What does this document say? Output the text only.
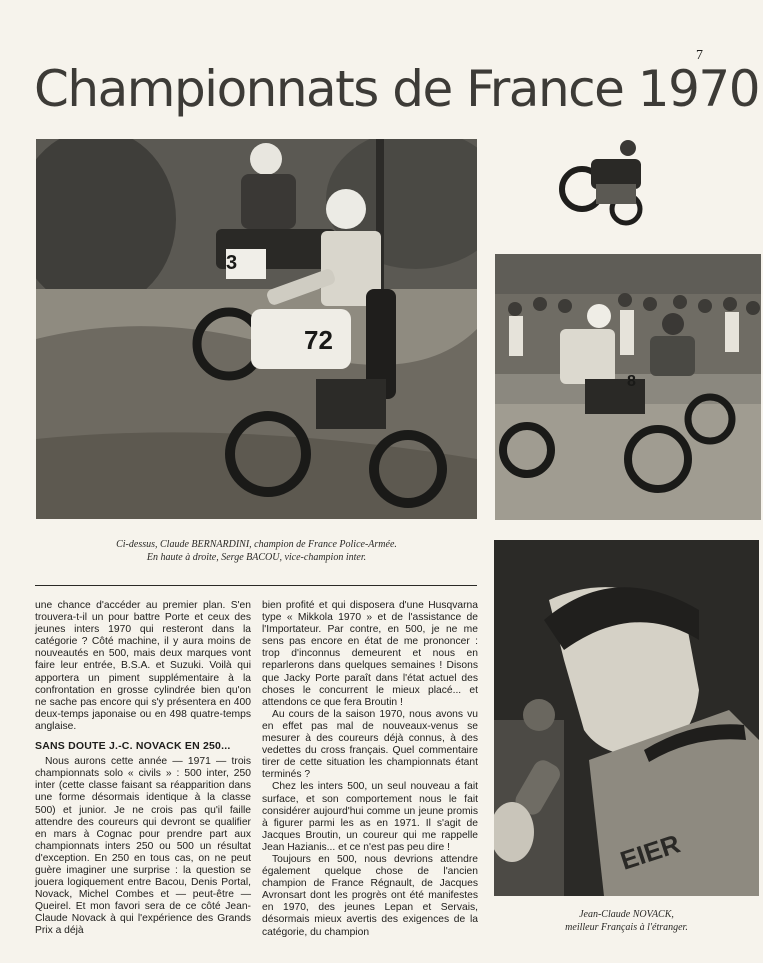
7
Championnats de France 1970
72
3
8
EIER
Ci-dessus, Claude BERNARDINI, champion de France Police-Armée.
En haute à droite, Serge BACOU, vice-champion inter.
Jean-Claude NOVACK,
meilleur Français à l'étranger.

une chance d'accéder au premier plan. S'en trouvera-t-il un pour battre Porte et ceux des jeunes inters 1970 qui resteront dans la catégorie ? Côté machine, il y aura moins de nouveautés en 500, mais deux marques vont faire leur entrée, B.S.A. et Suzuki. Voilà qui apportera un piment supplémentaire à la confrontation en grosse cylindrée bien qu'on ne sache pas encore qui s'y présentera en 400 deux-temps japonaise ou en 498 quatre-temps anglaise.

SANS DOUTE J.-C. NOVACK EN 250...

Nous aurons cette année — 1971 — trois championnats solo « civils » : 500 inter, 250 inter (cette classe faisant sa réapparition dans une forme désormais identique à la classe 500) et junior. Je ne crois pas qu'il faille attendre des coureurs qui devront se qualifier en mars à Cognac pour prendre part aux championnats inters 250 ou 500 un résultat d'exception. En 250 en tous cas, on ne peut guère imaginer une surprise : la question se jouera logiquement entre Bacou, Denis Portal, Novack, Michel Combes et — peut-être — Queirel. Et mon favori sera de ce côté Jean-Claude Novack à qui l'expérience des Grands Prix a déjà

bien profité et qui disposera d'une Husqvarna type « Mikkola 1970 » et de l'assistance de l'Importateur. Par contre, en 500, je ne me sens pas encore en état de me prononcer : trop d'inconnus demeurent et nous en reparlerons dans quelques semaines ! Disons que Jacky Porte paraît dans l'état actuel des choses le concurrent le mieux placé... et attendons ce que fera Broutin !

Au cours de la saison 1970, nous avons vu en effet pas mal de nouveaux-venus se mesurer à des coureurs déjà connus, à des vedettes du cross français. Quel commentaire tirer de cette situation les championnats étant terminés ?

Chez les inters 500, un seul nouveau a fait surface, et son comportement nous le fait considérer aujourd'hui comme un jeune promis à figurer parmi les as en 1971. Il s'agit de Jacques Broutin, un coureur qui me rappelle Jean Hazianis... et ce n'est pas peu dire !

Toujours en 500, nous devrions attendre également quelque chose de l'ancien champion de France Régnault, de Jacques Avronsart dont les progrès ont été manifestes en 1970, des jeunes Lepan et Servais, désormais mieux avertis des exigences de la catégorie, du champion
